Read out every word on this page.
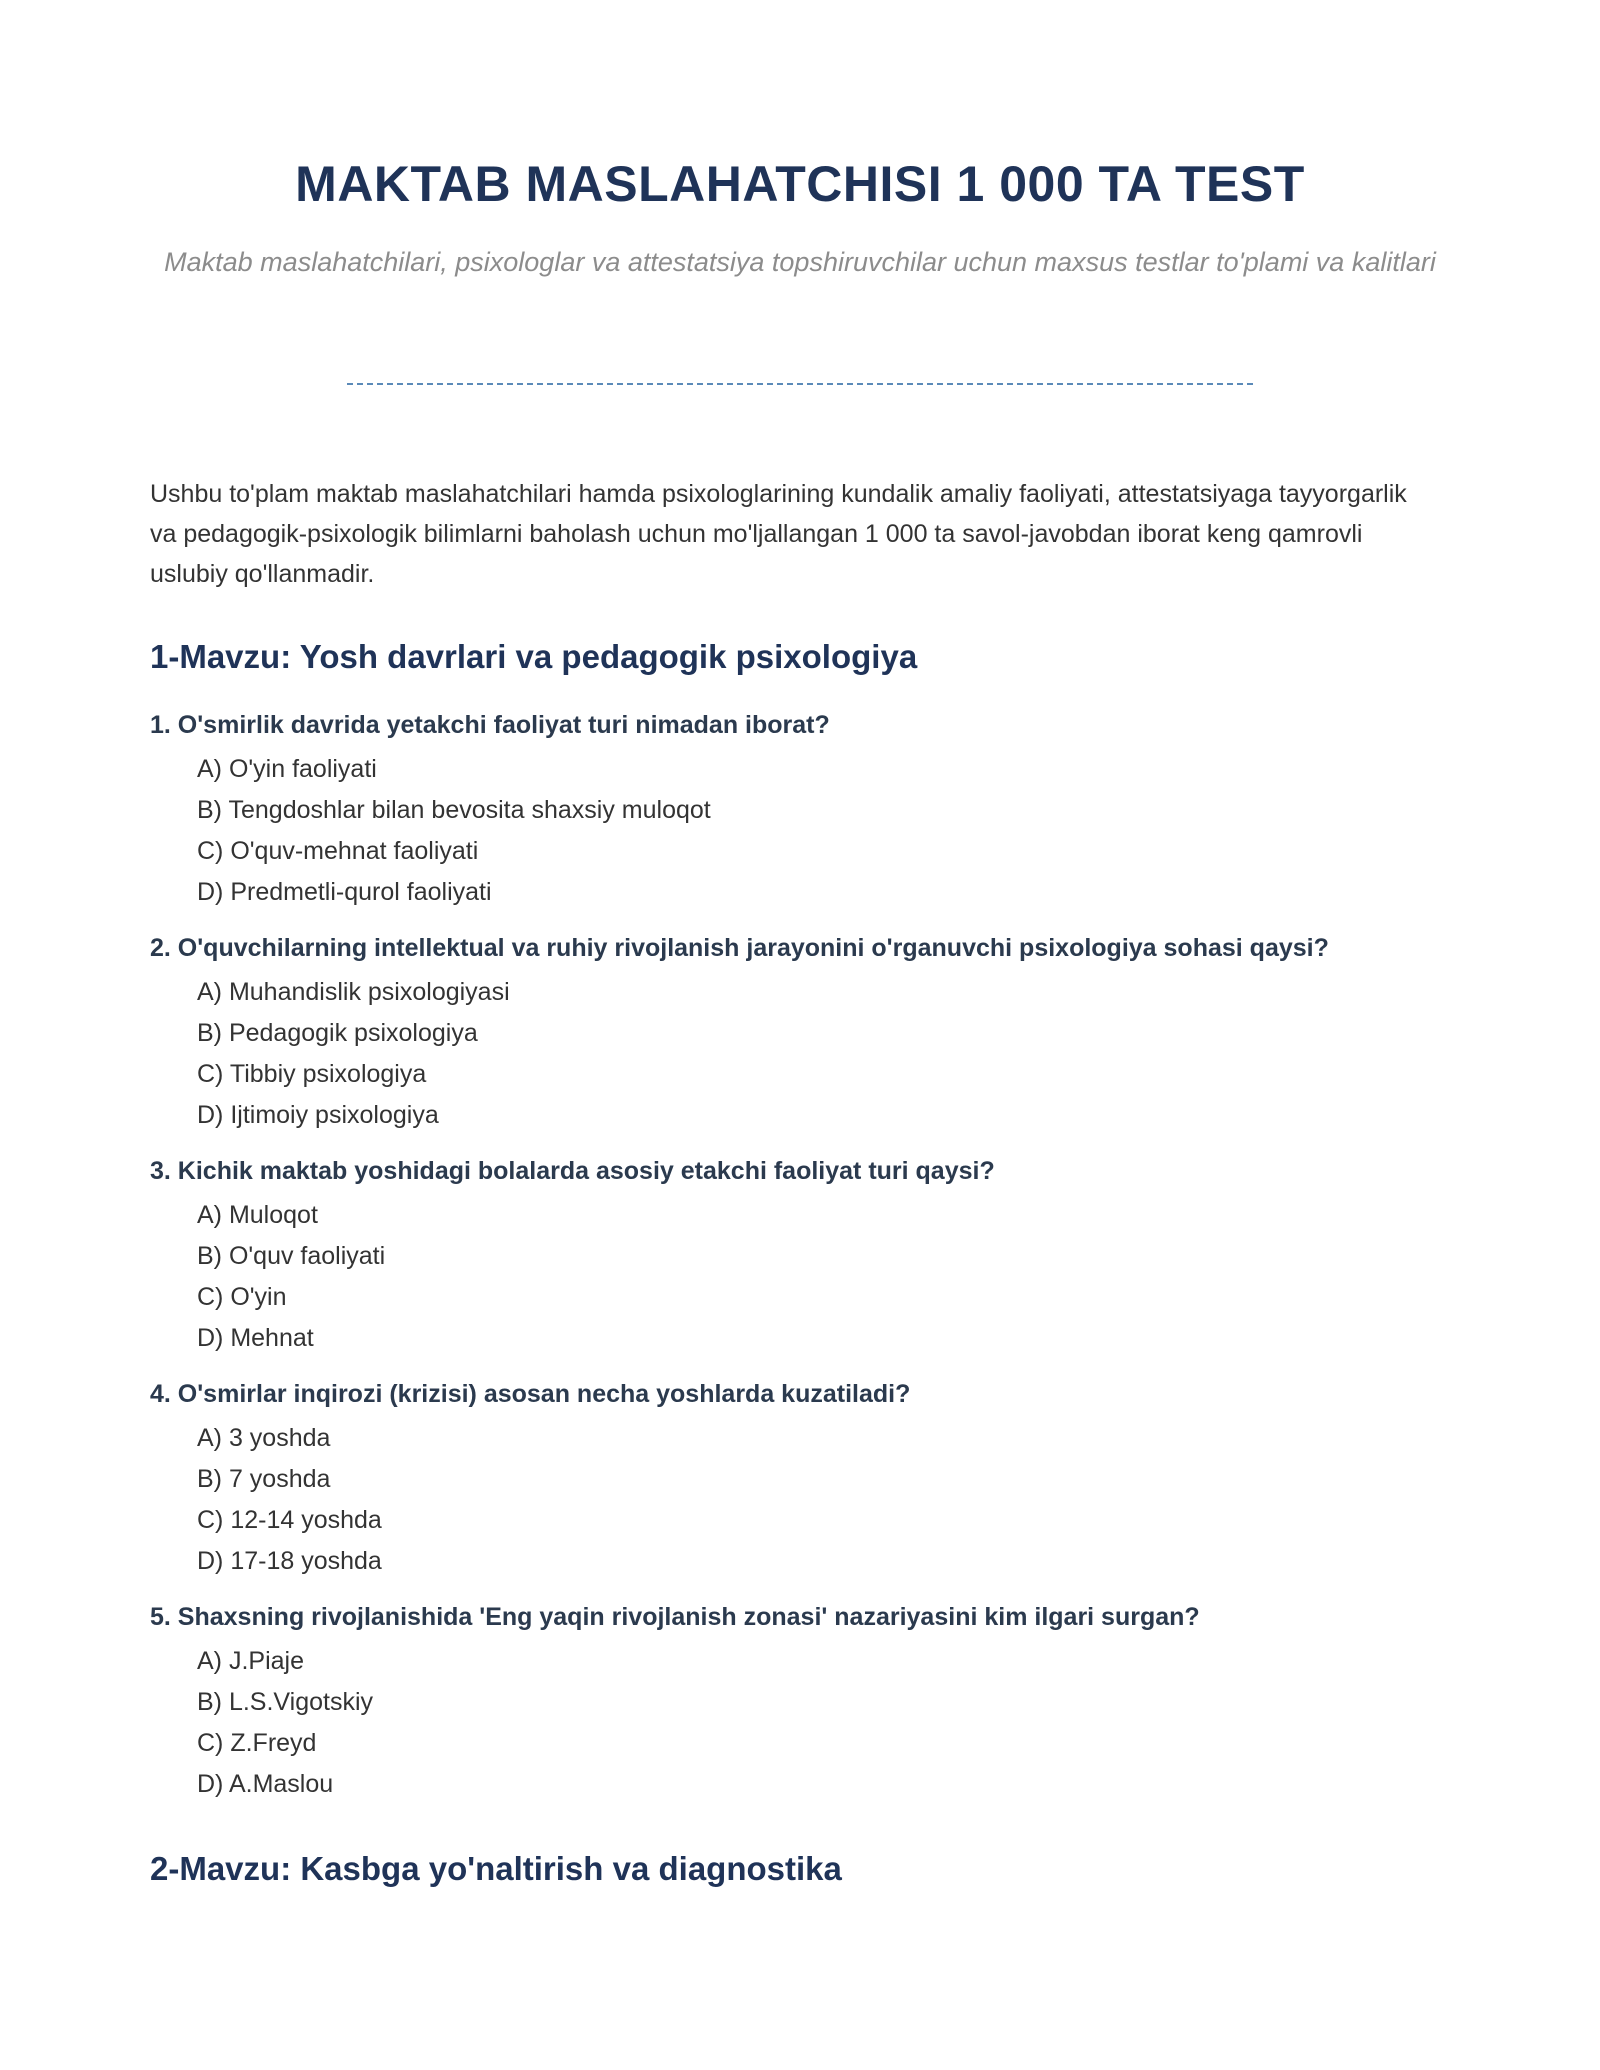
MAKTAB MASLAHATCHISI 1 000 TA TEST
Maktab maslahatchilari, psixologlar va attestatsiya topshiruvchilar uchun maxsus testlar to'plami va kalitlari
Ushbu to'plam maktab maslahatchilari hamda psixologlarining kundalik amaliy faoliyati, attestatsiyaga tayyorgarlik va pedagogik-psixologik bilimlarni baholash uchun mo'ljallangan 1 000 ta savol-javobdan iborat keng qamrovli uslubiy qo'llanmadir.
1-Mavzu: Yosh davrlari va pedagogik psixologiya
1. O'smirlik davrida yetakchi faoliyat turi nimadan iborat?
A) O'yin faoliyati
B) Tengdoshlar bilan bevosita shaxsiy muloqot
C) O'quv-mehnat faoliyati
D) Predmetli-qurol faoliyati
2. O'quvchilarning intellektual va ruhiy rivojlanish jarayonini o'rganuvchi psixologiya sohasi qaysi?
A) Muhandislik psixologiyasi
B) Pedagogik psixologiya
C) Tibbiy psixologiya
D) Ijtimoiy psixologiya
3. Kichik maktab yoshidagi bolalarda asosiy etakchi faoliyat turi qaysi?
A) Muloqot
B) O'quv faoliyati
C) O'yin
D) Mehnat
4. O'smirlar inqirozi (krizisi) asosan necha yoshlarda kuzatiladi?
A) 3 yoshda
B) 7 yoshda
C) 12-14 yoshda
D) 17-18 yoshda
5. Shaxsning rivojlanishida 'Eng yaqin rivojlanish zonasi' nazariyasini kim ilgari surgan?
A) J.Piaje
B) L.S.Vigotskiy
C) Z.Freyd
D) A.Maslou
2-Mavzu: Kasbga yo'naltirish va diagnostika
